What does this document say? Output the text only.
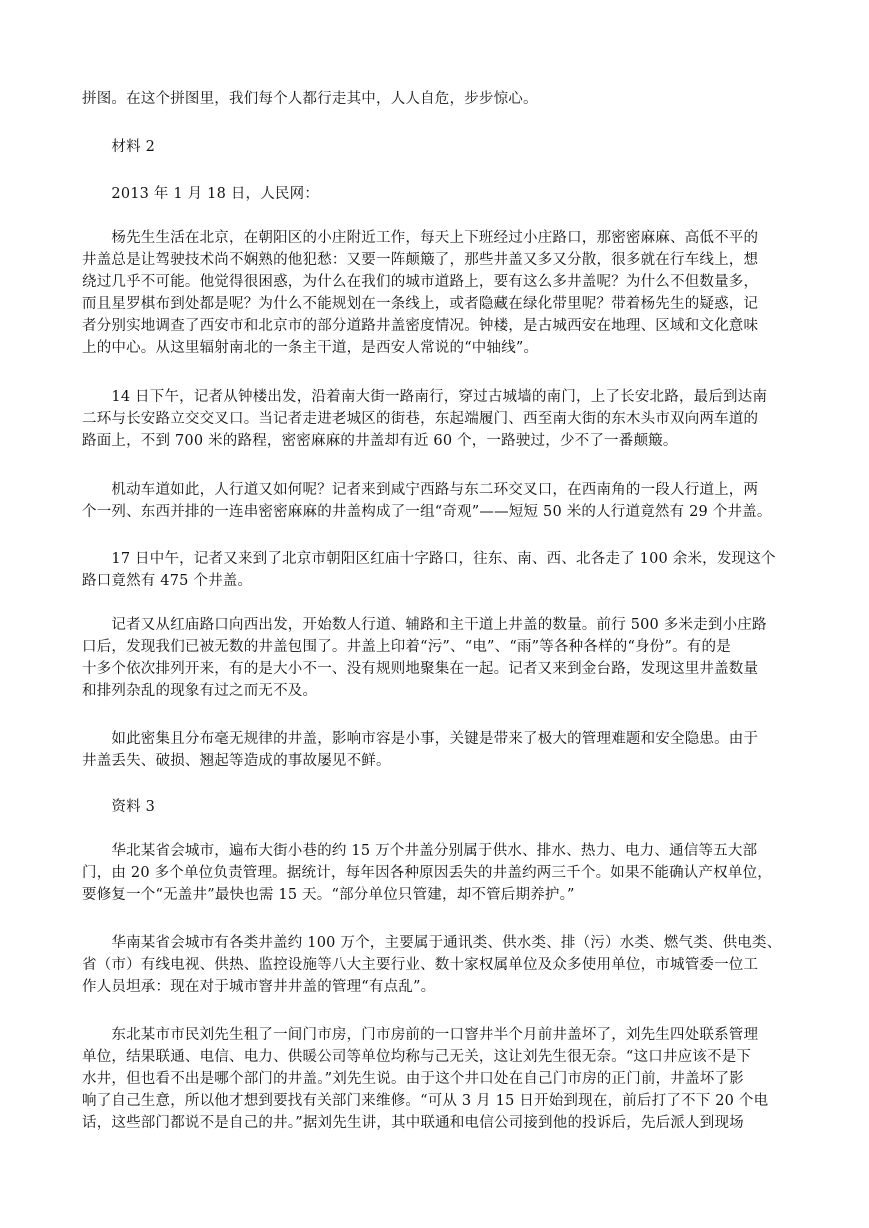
拼图。在这个拼图里，我们每个人都行走其中，人人自危，步步惊心。
　　材料 2
　　2013 年 1 月 18 日，人民网：
　　杨先生生活在北京，在朝阳区的小庄附近工作，每天上下班经过小庄路口，那密密麻麻、高低不平的
井盖总是让驾驶技术尚不娴熟的他犯愁：又要一阵颠簸了，那些井盖又多又分散，很多就在行车线上，想
绕过几乎不可能。他觉得很困惑，为什么在我们的城市道路上，要有这么多井盖呢？为什么不但数量多，
而且星罗棋布到处都是呢？为什么不能规划在一条线上，或者隐藏在绿化带里呢？带着杨先生的疑惑，记
者分别实地调查了西安市和北京市的部分道路井盖密度情况。钟楼，是古城西安在地理、区域和文化意味
上的中心。从这里辐射南北的一条主干道，是西安人常说的“中轴线”。
　　14 日下午，记者从钟楼出发，沿着南大街一路南行，穿过古城墙的南门，上了长安北路，最后到达南
二环与长安路立交交叉口。当记者走进老城区的街巷，东起端履门、西至南大街的东木头市双向两车道的
路面上，不到 700 米的路程，密密麻麻的井盖却有近 60 个，一路驶过，少不了一番颠簸。
　　机动车道如此，人行道又如何呢？记者来到咸宁西路与东二环交叉口，在西南角的一段人行道上，两
个一列、东西并排的一连串密密麻麻的井盖构成了一组“奇观”——短短 50 米的人行道竟然有 29 个井盖。
　　17 日中午，记者又来到了北京市朝阳区红庙十字路口，往东、南、西、北各走了 100 余米，发现这个
路口竟然有 475 个井盖。
　　记者又从红庙路口向西出发，开始数人行道、辅路和主干道上井盖的数量。前行 500 多米走到小庄路
口后，发现我们已被无数的井盖包围了。井盖上印着“污”、“电”、“雨”等各种各样的“身份”。有的是
十多个依次排列开来，有的是大小不一、没有规则地聚集在一起。记者又来到金台路，发现这里井盖数量
和排列杂乱的现象有过之而无不及。
　　如此密集且分布毫无规律的井盖，影响市容是小事，关键是带来了极大的管理难题和安全隐患。由于
井盖丢失、破损、翘起等造成的事故屡见不鲜。
　　资料 3
　　华北某省会城市，遍布大街小巷的约 15 万个井盖分别属于供水、排水、热力、电力、通信等五大部
门，由 20 多个单位负责管理。据统计，每年因各种原因丢失的井盖约两三千个。如果不能确认产权单位，
要修复一个“无盖井”最快也需 15 天。“部分单位只管建，却不管后期养护。”
　　华南某省会城市有各类井盖约 100 万个，主要属于通讯类、供水类、排（污）水类、燃气类、供电类、
省（市）有线电视、供热、监控设施等八大主要行业、数十家权属单位及众多使用单位，市城管委一位工
作人员坦承：现在对于城市窨井井盖的管理“有点乱”。
　　东北某市市民刘先生租了一间门市房，门市房前的一口窨井半个月前井盖坏了，刘先生四处联系管理
单位，结果联通、电信、电力、供暖公司等单位均称与己无关，这让刘先生很无奈。“这口井应该不是下
水井，但也看不出是哪个部门的井盖。”刘先生说。由于这个井口处在自己门市房的正门前，井盖坏了影
响了自己生意，所以他才想到要找有关部门来维修。“可从 3 月 15 日开始到现在，前后打了不下 20 个电
话，这些部门都说不是自己的井。”据刘先生讲，其中联通和电信公司接到他的投诉后，先后派人到现场
